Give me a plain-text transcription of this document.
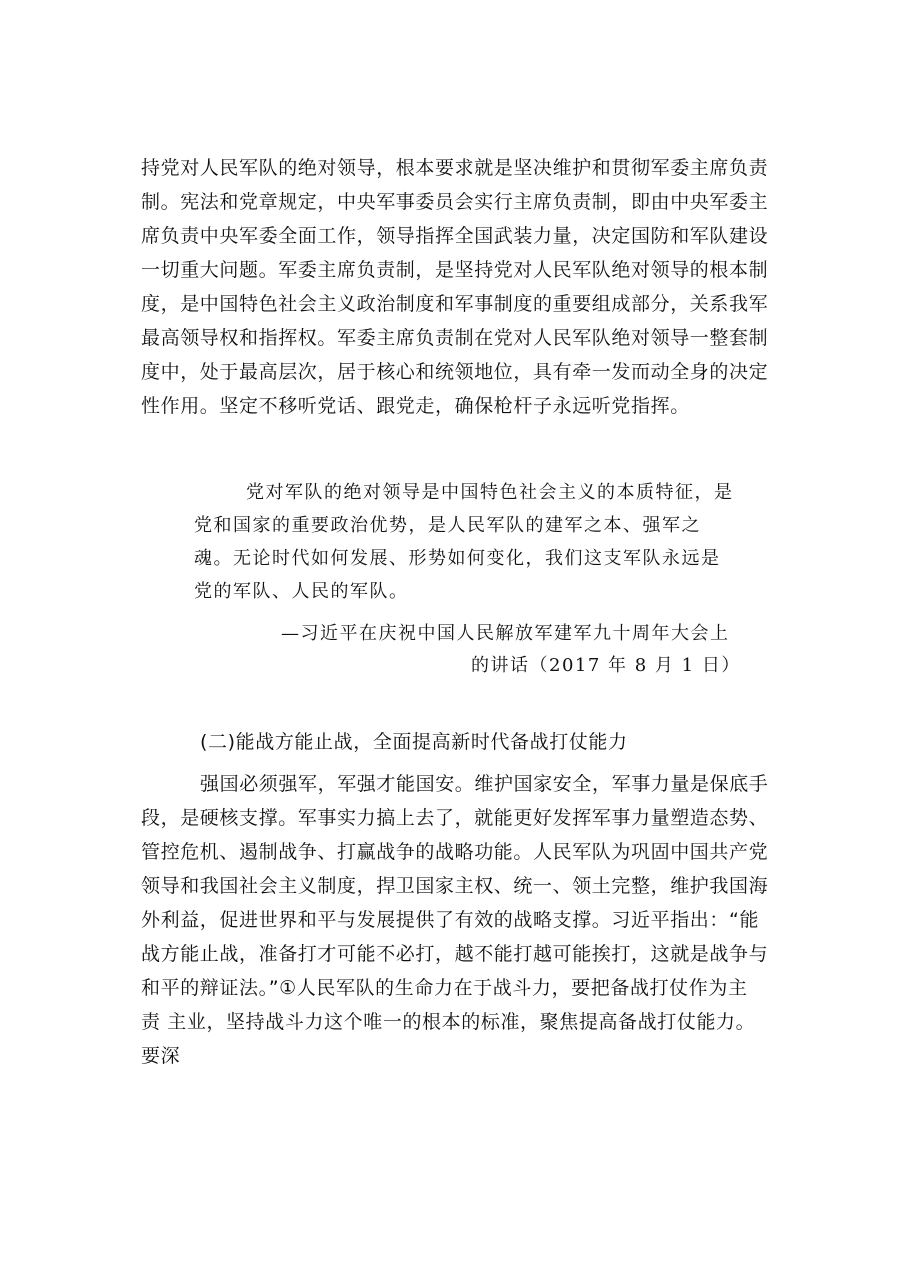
持党对人民军队的绝对领导，根本要求就是坚决维护和贯彻军委主席负责
制。宪法和党章规定，中央军事委员会实行主席负责制，即由中央军委主
席负责中央军委全面工作，领导指挥全国武装力量，决定国防和军队建设
一切重大问题。军委主席负责制，是坚持党对人民军队绝对领导的根本制
度，是中国特色社会主义政治制度和军事制度的重要组成部分，关系我军
最高领导权和指挥权。军委主席负责制在党对人民军队绝对领导一整套制
度中，处于最高层次，居于核心和统领地位，具有牵一发而动全身的决定
性作用。坚定不移听党话、跟党走，确保枪杆子永远听党指挥。
党对军队的绝对领导是中国特色社会主义的本质特征，是
党和国家的重要政治优势，是人民军队的建军之本、强军之
魂。无论时代如何发展、形势如何变化，我们这支军队永远是
党的军队、人民的军队。
—习近平在庆祝中国人民解放军建军九十周年大会上
的讲话（2017 年 8 月 1 日）
(二)能战方能止战，全面提高新时代备战打仗能力
强国必须强军，军强才能国安。维护国家安全，军事力量是保底手
段，是硬核支撑。军事实力搞上去了，就能更好发挥军事力量塑造态势、
管控危机、遏制战争、打赢战争的战略功能。人民军队为巩固中国共产党
领导和我国社会主义制度，捍卫国家主权、统一、领土完整，维护我国海
外利益，促进世界和平与发展提供了有效的战略支撑。习近平指出：“能
战方能止战，准备打才可能不必打，越不能打越可能挨打，这就是战争与
和平的辩证法。”①人民军队的生命力在于战斗力，要把备战打仗作为主
责 主业，坚持战斗力这个唯一的根本的标准，聚焦提高备战打仗能力。
要深
